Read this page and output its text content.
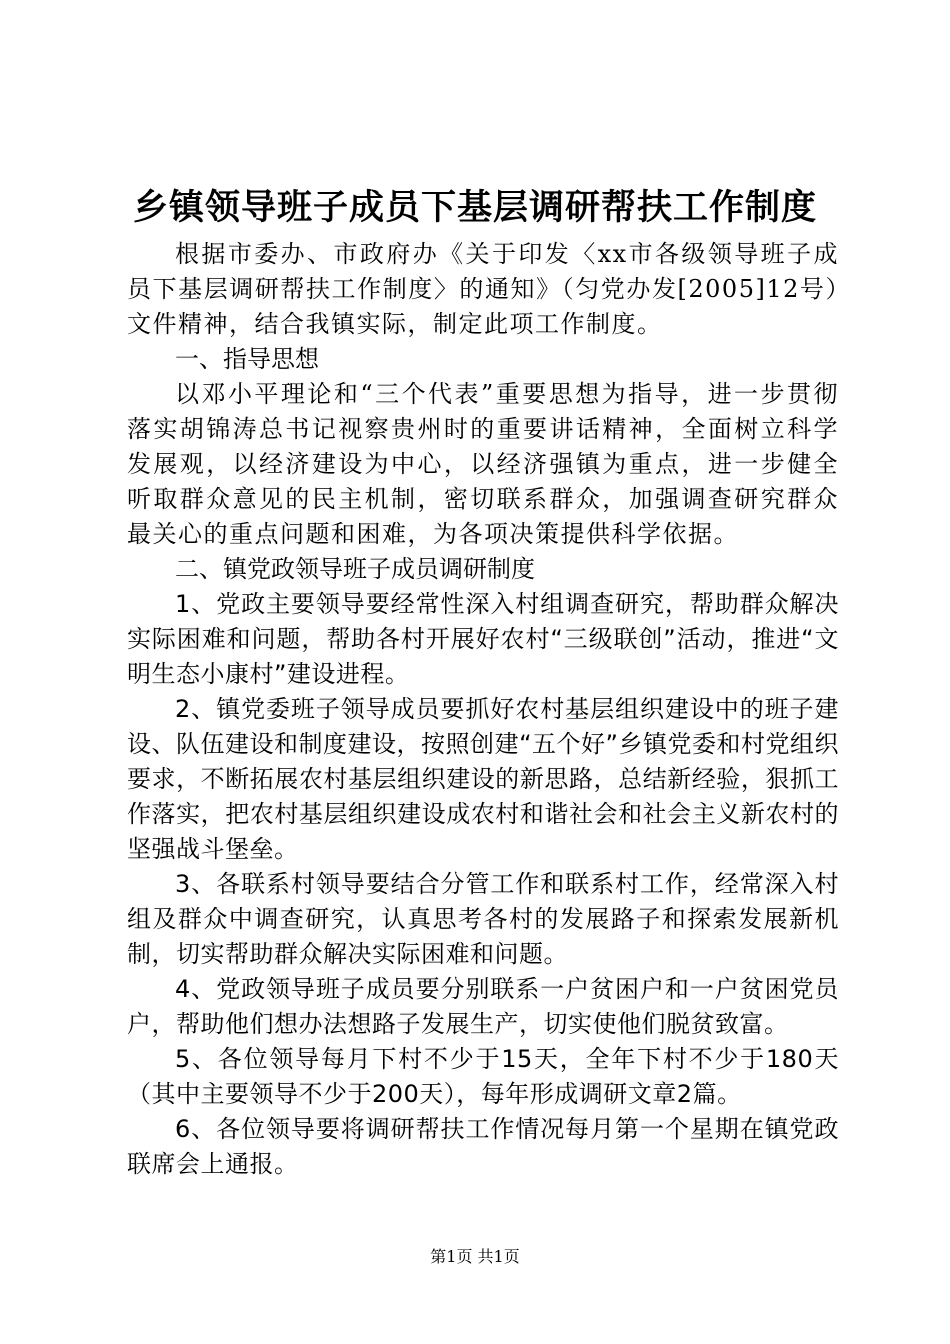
乡镇领导班子成员下基层调研帮扶工作制度

根据市委办、市政府办《关于印发〈xx市各级领导班子成员下基层调研帮扶工作制度〉的通知》（匀党办发[2005]12号）文件精神，结合我镇实际，制定此项工作制度。

一、指导思想

以邓小平理论和“三个代表”重要思想为指导，进一步贯彻落实胡锦涛总书记视察贵州时的重要讲话精神，全面树立科学发展观，以经济建设为中心，以经济强镇为重点，进一步健全听取群众意见的民主机制，密切联系群众，加强调查研究群众最关心的重点问题和困难，为各项决策提供科学依据。

二、镇党政领导班子成员调研制度

1、党政主要领导要经常性深入村组调查研究，帮助群众解决实际困难和问题，帮助各村开展好农村“三级联创”活动，推进“文明生态小康村”建设进程。

2、镇党委班子领导成员要抓好农村基层组织建设中的班子建设、队伍建设和制度建设，按照创建“五个好”乡镇党委和村党组织要求，不断拓展农村基层组织建设的新思路，总结新经验，狠抓工作落实，把农村基层组织建设成农村和谐社会和社会主义新农村的坚强战斗堡垒。

3、各联系村领导要结合分管工作和联系村工作，经常深入村组及群众中调查研究，认真思考各村的发展路子和探索发展新机制，切实帮助群众解决实际困难和问题。

4、党政领导班子成员要分别联系一户贫困户和一户贫困党员户，帮助他们想办法想路子发展生产，切实使他们脱贫致富。

5、各位领导每月下村不少于15天，全年下村不少于180天（其中主要领导不少于200天），每年形成调研文章2篇。

6、各位领导要将调研帮扶工作情况每月第一个星期在镇党政联席会上通报。

第1页 共1页
